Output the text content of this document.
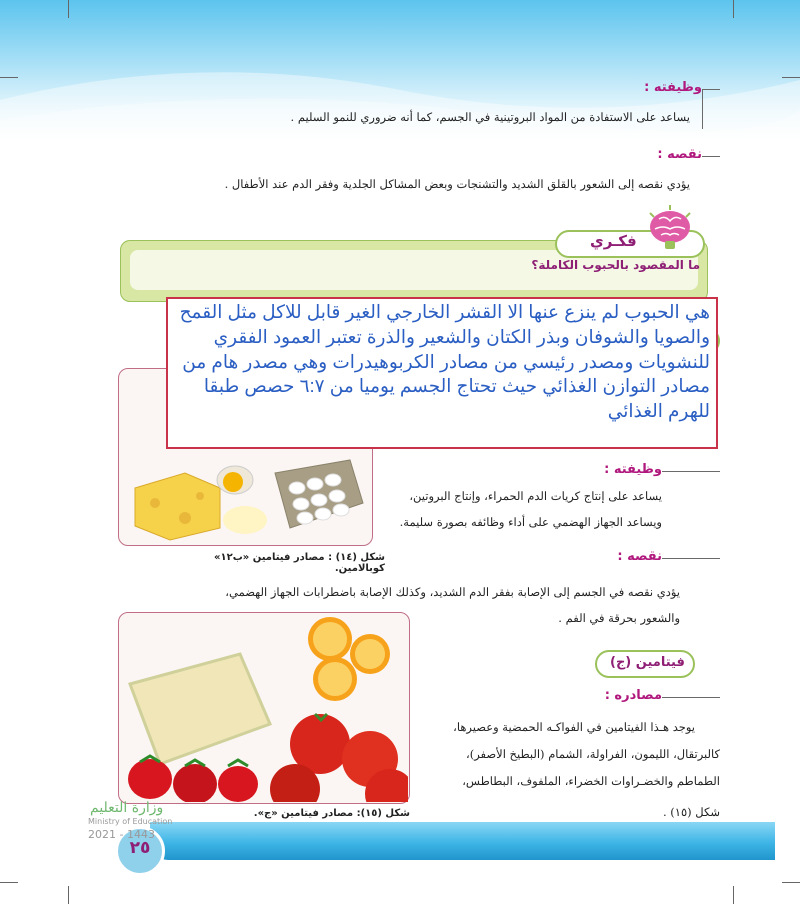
وظيفته :
يساعد على الاستفادة من المواد البروتينية في الجسم، كما أنه ضروري للنمو السليم .
نقصه :
يؤدي نقصه إلى الشعور بالقلق الشديد والتشنجات وبعض المشاكل الجلدية وفقر الدم عند الأطفال .
فكـري
ما المقصود بالحبوب الكاملة؟
هي الحبوب لم ينزع عنها الا القشر الخارجي الغير قابل للاكل مثل القمح والصويا والشوفان وبذر الكتان والشعير والذرة تعتبر العمود الفقري للنشويات ومصدر رئيسي من مصادر الكربوهيدرات وهي مصدر هام من مصادر التوازن الغذائي حيث تحتاج الجسم يوميا من ٦:٧ حصص طبقا للهرم الغذائي
وظيفته :
يساعد على إنتاج كريات الدم الحمراء، وإنتاج البروتين،
ويساعد الجهاز الهضمي على أداء وظائفه بصورة سليمة.
نقصه :
شكل (١٤) : مصادر فيتامين «ب١٢» كوبالامين.
يؤدي نقصه في الجسم إلى الإصابة بفقر الدم الشديد، وكذلك الإصابة باضطرابات الجهاز الهضمي،
والشعور بحرقة في الفم .
فيتامين (ج)
مصادره :
يوجد هـذا الفيتامين في الفواكـه الحمضية وعصيرها،
كالبرتقال، الليمون، الفراولة، الشمام (البطيخ الأصفر)،
الطماطم والخضـراوات الخضراء، الملفوف، البطاطس،
شكل (١٥) .
شكل (١٥): مصادر فيتامين «ج».
٢٥
وزارة التعليم
Ministry of Education
2021 - 1443
